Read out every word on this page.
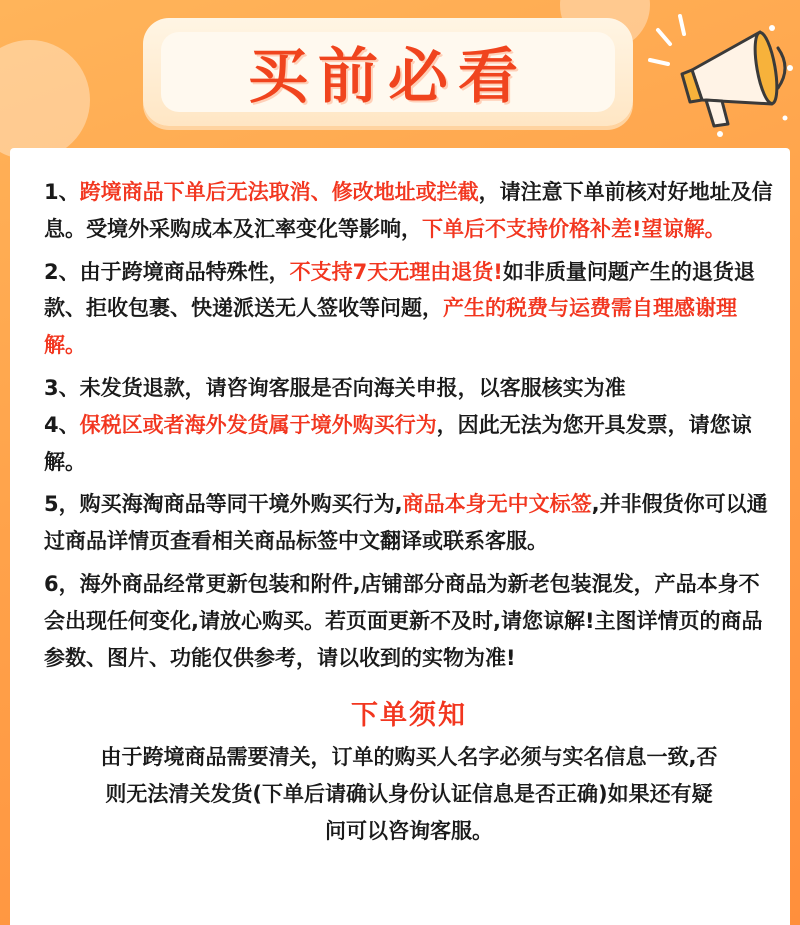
买前必看
1、跨境商品下单后无法取消、修改地址或拦截，请注意下单前核对好地址及信息。受境外采购成本及汇率变化等影响，下单后不支持价格补差!望谅解。
2、由于跨境商品特殊性，不支持7天无理由退货!如非质量问题产生的退货退款、拒收包裹、快递派送无人签收等问题，产生的税费与运费需自理感谢理解。
3、未发货退款，请咨询客服是否向海关申报，以客服核实为准
4、保税区或者海外发货属于境外购买行为，因此无法为您开具发票，请您谅解。
5，购买海淘商品等同干境外购买行为,商品本身无中文标签,并非假货你可以通过商品详情页查看相关商品标签中文翻译或联系客服。
6，海外商品经常更新包装和附件,店铺部分商品为新老包装混发，产品本身不会出现任何变化,请放心购买。若页面更新不及时,请您谅解!主图详情页的商品参数、图片、功能仅供参考，请以收到的实物为准!
下单须知
由于跨境商品需要清关，订单的购买人名字必须与实名信息一致,否
则无法清关发货(下单后请确认身份认证信息是否正确)如果还有疑
问可以咨询客服。
